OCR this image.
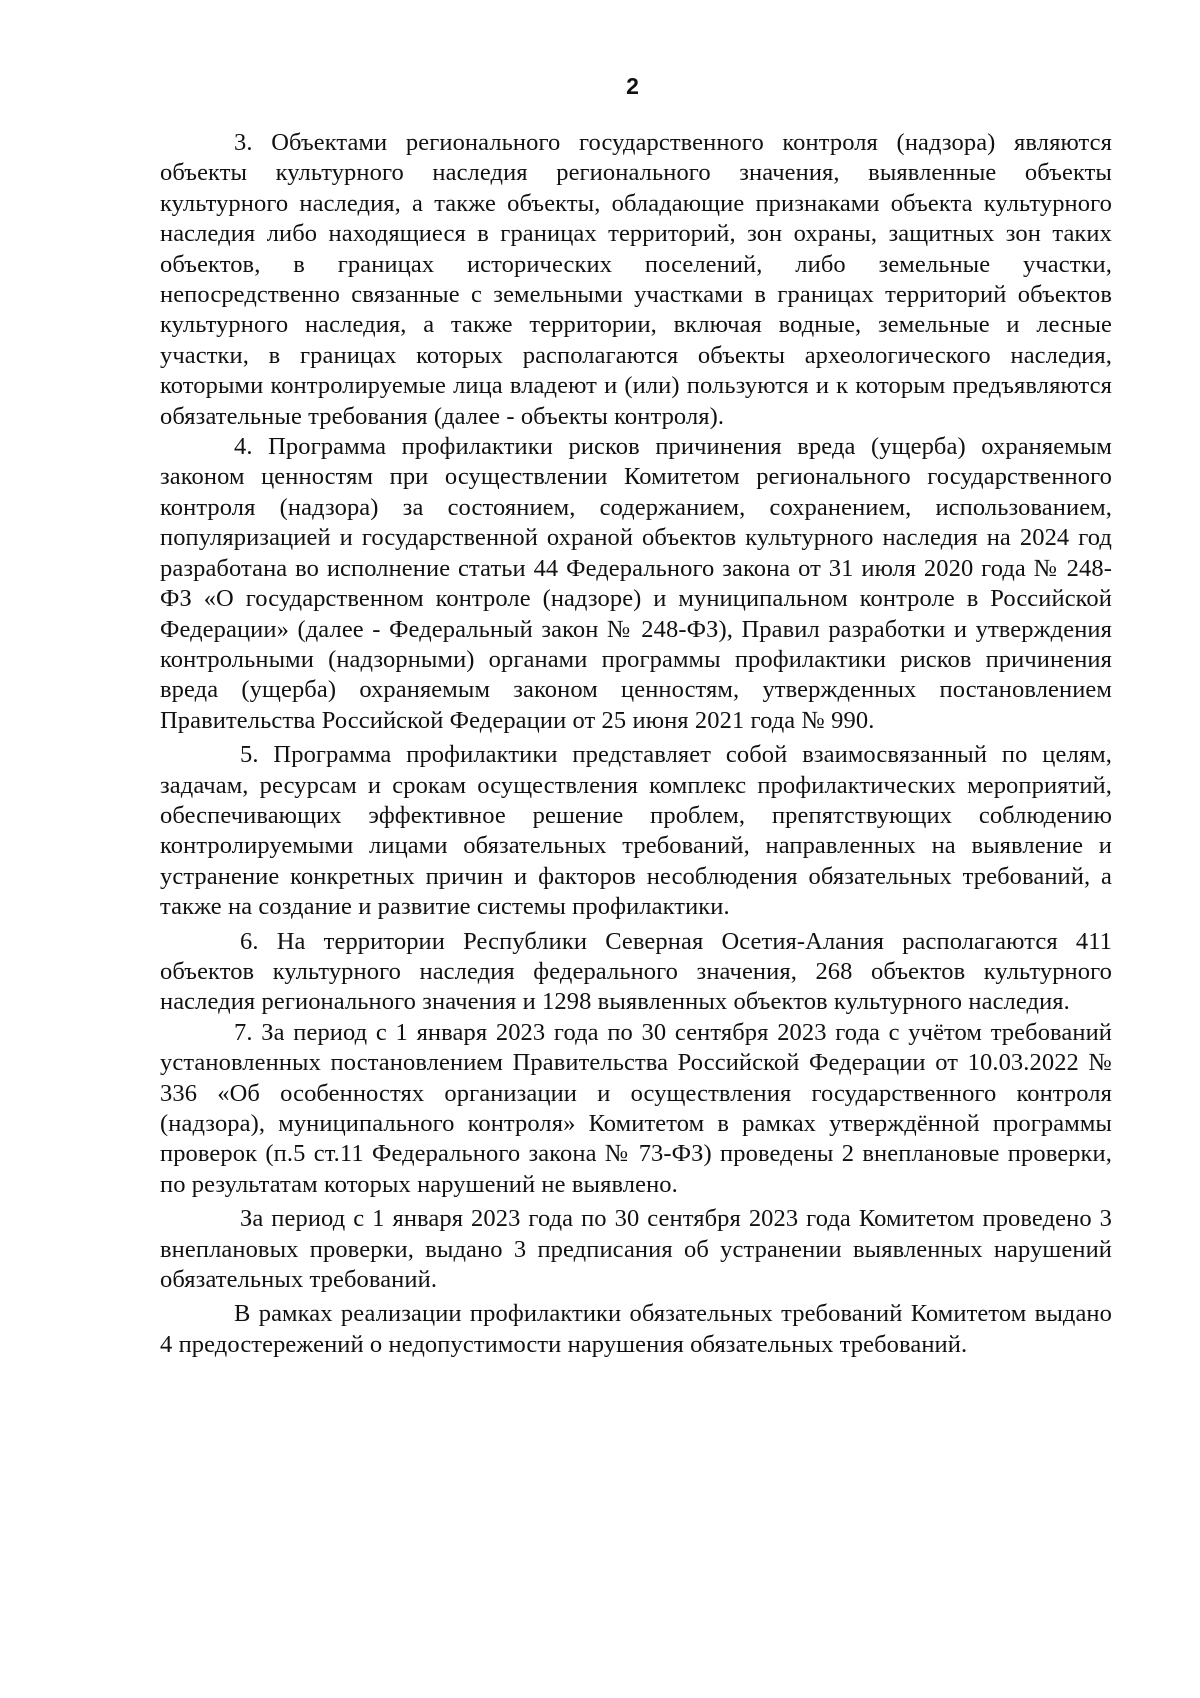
2

3. Объектами регионального государственного контроля (надзора) являются объекты культурного наследия регионального значения, выявленные объекты культурного наследия, а также объекты, обладающие признаками объекта культурного наследия либо находящиеся в границах территорий, зон охраны, защитных зон таких объектов, в границах исторических поселений, либо земельные участки, непосредственно связанные с земельными участками в границах территорий объектов культурного наследия, а также территории, включая водные, земельные и лесные участки, в границах которых располагаются объекты археологического наследия, которыми контролируемые лица владеют и (или) пользуются и к которым предъявляются обязательные требования (далее - объекты контроля).

4. Программа профилактики рисков причинения вреда (ущерба) охраняемым законом ценностям при осуществлении Комитетом регионального государственного контроля (надзора) за состоянием, содержанием, сохранением, использованием, популяризацией и государственной охраной объектов культурного наследия на 2024 год разработана во исполнение статьи 44 Федерального закона от 31 июля 2020 года № 248-ФЗ «О государственном контроле (надзоре) и муниципальном контроле в Российской Федерации» (далее - Федеральный закон № 248-ФЗ), Правил разработки и утверждения контрольными (надзорными) органами программы профилактики рисков причинения вреда (ущерба) охраняемым законом ценностям, утвержденных постановлением Правительства Российской Федерации от 25 июня 2021 года № 990.

5. Программа профилактики представляет собой взаимосвязанный по целям, задачам, ресурсам и срокам осуществления комплекс профилактических мероприятий, обеспечивающих эффективное решение проблем, препятствующих соблюдению контролируемыми лицами обязательных требований, направленных на выявление и устранение конкретных причин и факторов несоблюдения обязательных требований, а также на создание и развитие системы профилактики.

6. На территории Республики Северная Осетия-Алания располагаются 411 объектов культурного наследия федерального значения, 268 объектов культурного наследия регионального значения и 1298 выявленных объектов культурного наследия.

7. За период с 1 января 2023 года по 30 сентября 2023 года с учётом требований установленных постановлением Правительства Российской Федерации от 10.03.2022 № 336 «Об особенностях организации и осуществления государственного контроля (надзора), муниципального контроля» Комитетом в рамках утверждённой программы проверок (п.5 ст.11 Федерального закона № 73-ФЗ) проведены 2 внеплановые проверки, по результатам которых нарушений не выявлено.

За период с 1 января 2023 года по 30 сентября 2023 года Комитетом проведено 3 внеплановых проверки, выдано 3 предписания об устранении выявленных нарушений обязательных требований.

В рамках реализации профилактики обязательных требований Комитетом выдано 4 предостережений о недопустимости нарушения обязательных требований.
